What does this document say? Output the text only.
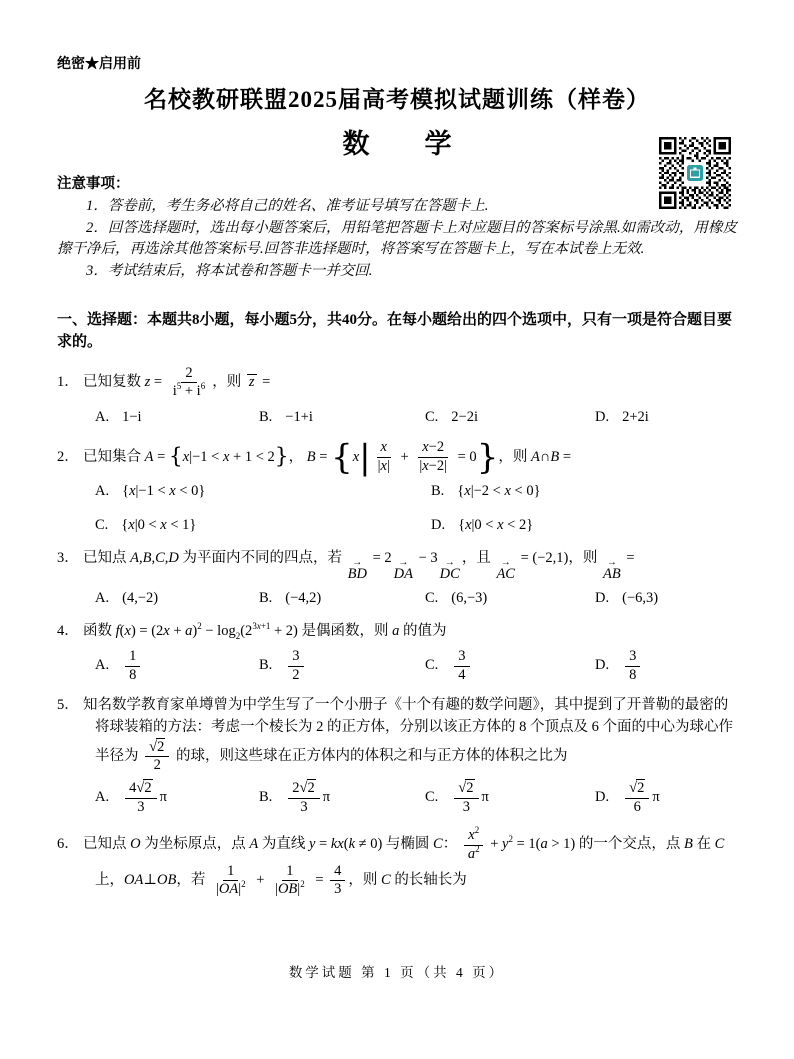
绝密★启用前
名校教研联盟2025届高考模拟试题训练（样卷）
数　学
注意事项：

1．答卷前，考生务必将自己的姓名、准考证号填写在答题卡上.

2．回答选择题时，选出每小题答案后，用铅笔把答题卡上对应题目的答案标号涂黑.如需改动，用橡皮擦干净后，再选涂其他答案标号.回答非选择题时，将答案写在答题卡上，写在本试卷上无效.

3．考试结束后，将本试卷和答题卡一并交回.

一、选择题：本题共8小题，每小题5分，共40分。在每小题给出的四个选项中，只有一项是符合题目要求的。
1． 已知复数 $z = \frac{2}{i^5 + i^6}$ ，则 z =
A. 1−i	B. −1+i	C. 2−2i	D. 2+2i
2． 已知集合 A = {x|−1 < x + 1 < 2}， $B = \{x| \frac{x}{|x|} + \frac{x-2}{|x-2|} = 0\}$，则 A∩B =
A. {x|−1 < x < 0}	B. {x|−2 < x < 0}
C. {x|0 < x < 1}	D. {x|0 < x < 2}
3． 已知点 A,B,C,D 为平面内不同的四点，若 →
BD
= 2 →
DA
− 3 →
DC
，且 →
AC
= (−2,1)，则 →
AB
=
A. (4,−2)	B. (−4,2)	C. (6,−3)	D. (−6,3)
4． 函数 $f(x) = (2x + a)^2 - \log_2(2^{3x+1} + 2)$ 是偶函数，则 a 的值为
A. $\frac{1}{8}$	B. $\frac{3}{2}$	C. $\frac{3}{4}$	D. $\frac{3}{8}$
5． 知名数学教育家单墫曾为中学生写了一个小册子《十个有趣的数学问题》，其中提到了开普勒的最密的将球装箱的方法：考虑一个棱长为 2 的正方体，分别以该正方体的 8 个顶点及 6 个面的中心为球心作半径为 $\frac{√2}{2}$ 的球，则这些球在正方体内的体积之和与正方体的体积之比为
A. $\frac{4√2}{3}$ π	B. $\frac{2√2}{3}$ π	C. $\frac{√2}{3}$ π	D. $\frac{√2}{6}$ π
6． 已知点 O 为坐标原点，点 A 为直线 y = kx(k ≠ 0) 与椭圆 C： $\frac{x^2}{a^2} + y^2 = 1(a > 1)$ 的一个交点，点 B 在 C 上，OA⊥OB，若 $\frac{1}{|OA|^2} + \frac{1}{|OB|^2} = \frac{4}{3}$ ，则 C 的长轴长为
数学试题 第 1 页（共 4 页）
